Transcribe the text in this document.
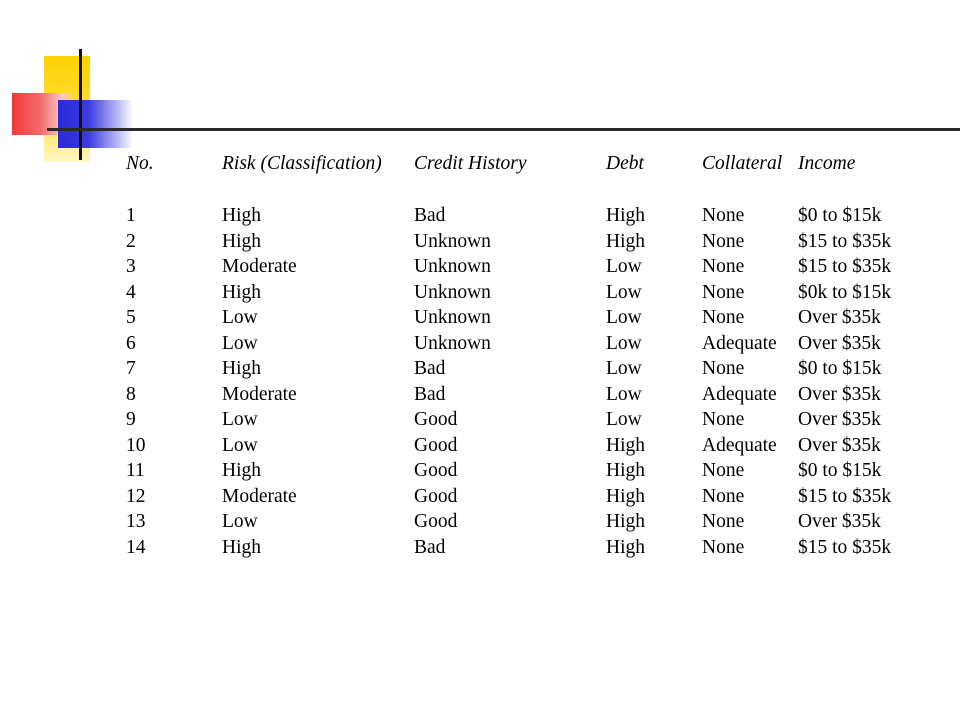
No.	Risk (Classification)	Credit History	Debt	Collateral	Income

1	High	Bad	High	None	$0 to $15k
2	High	Unknown	High	None	$15 to $35k
3	Moderate	Unknown	Low	None	$15 to $35k
4	High	Unknown	Low	None	$0k to $15k
5	Low	Unknown	Low	None	Over $35k
6	Low	Unknown	Low	Adequate	Over $35k
7	High	Bad	Low	None	$0 to $15k
8	Moderate	Bad	Low	Adequate	Over $35k
9	Low	Good	Low	None	Over $35k
10	Low	Good	High	Adequate	Over $35k
11	High	Good	High	None	$0 to $15k
12	Moderate	Good	High	None	$15 to $35k
13	Low	Good	High	None	Over $35k
14	High	Bad	High	None	$15 to $35k
